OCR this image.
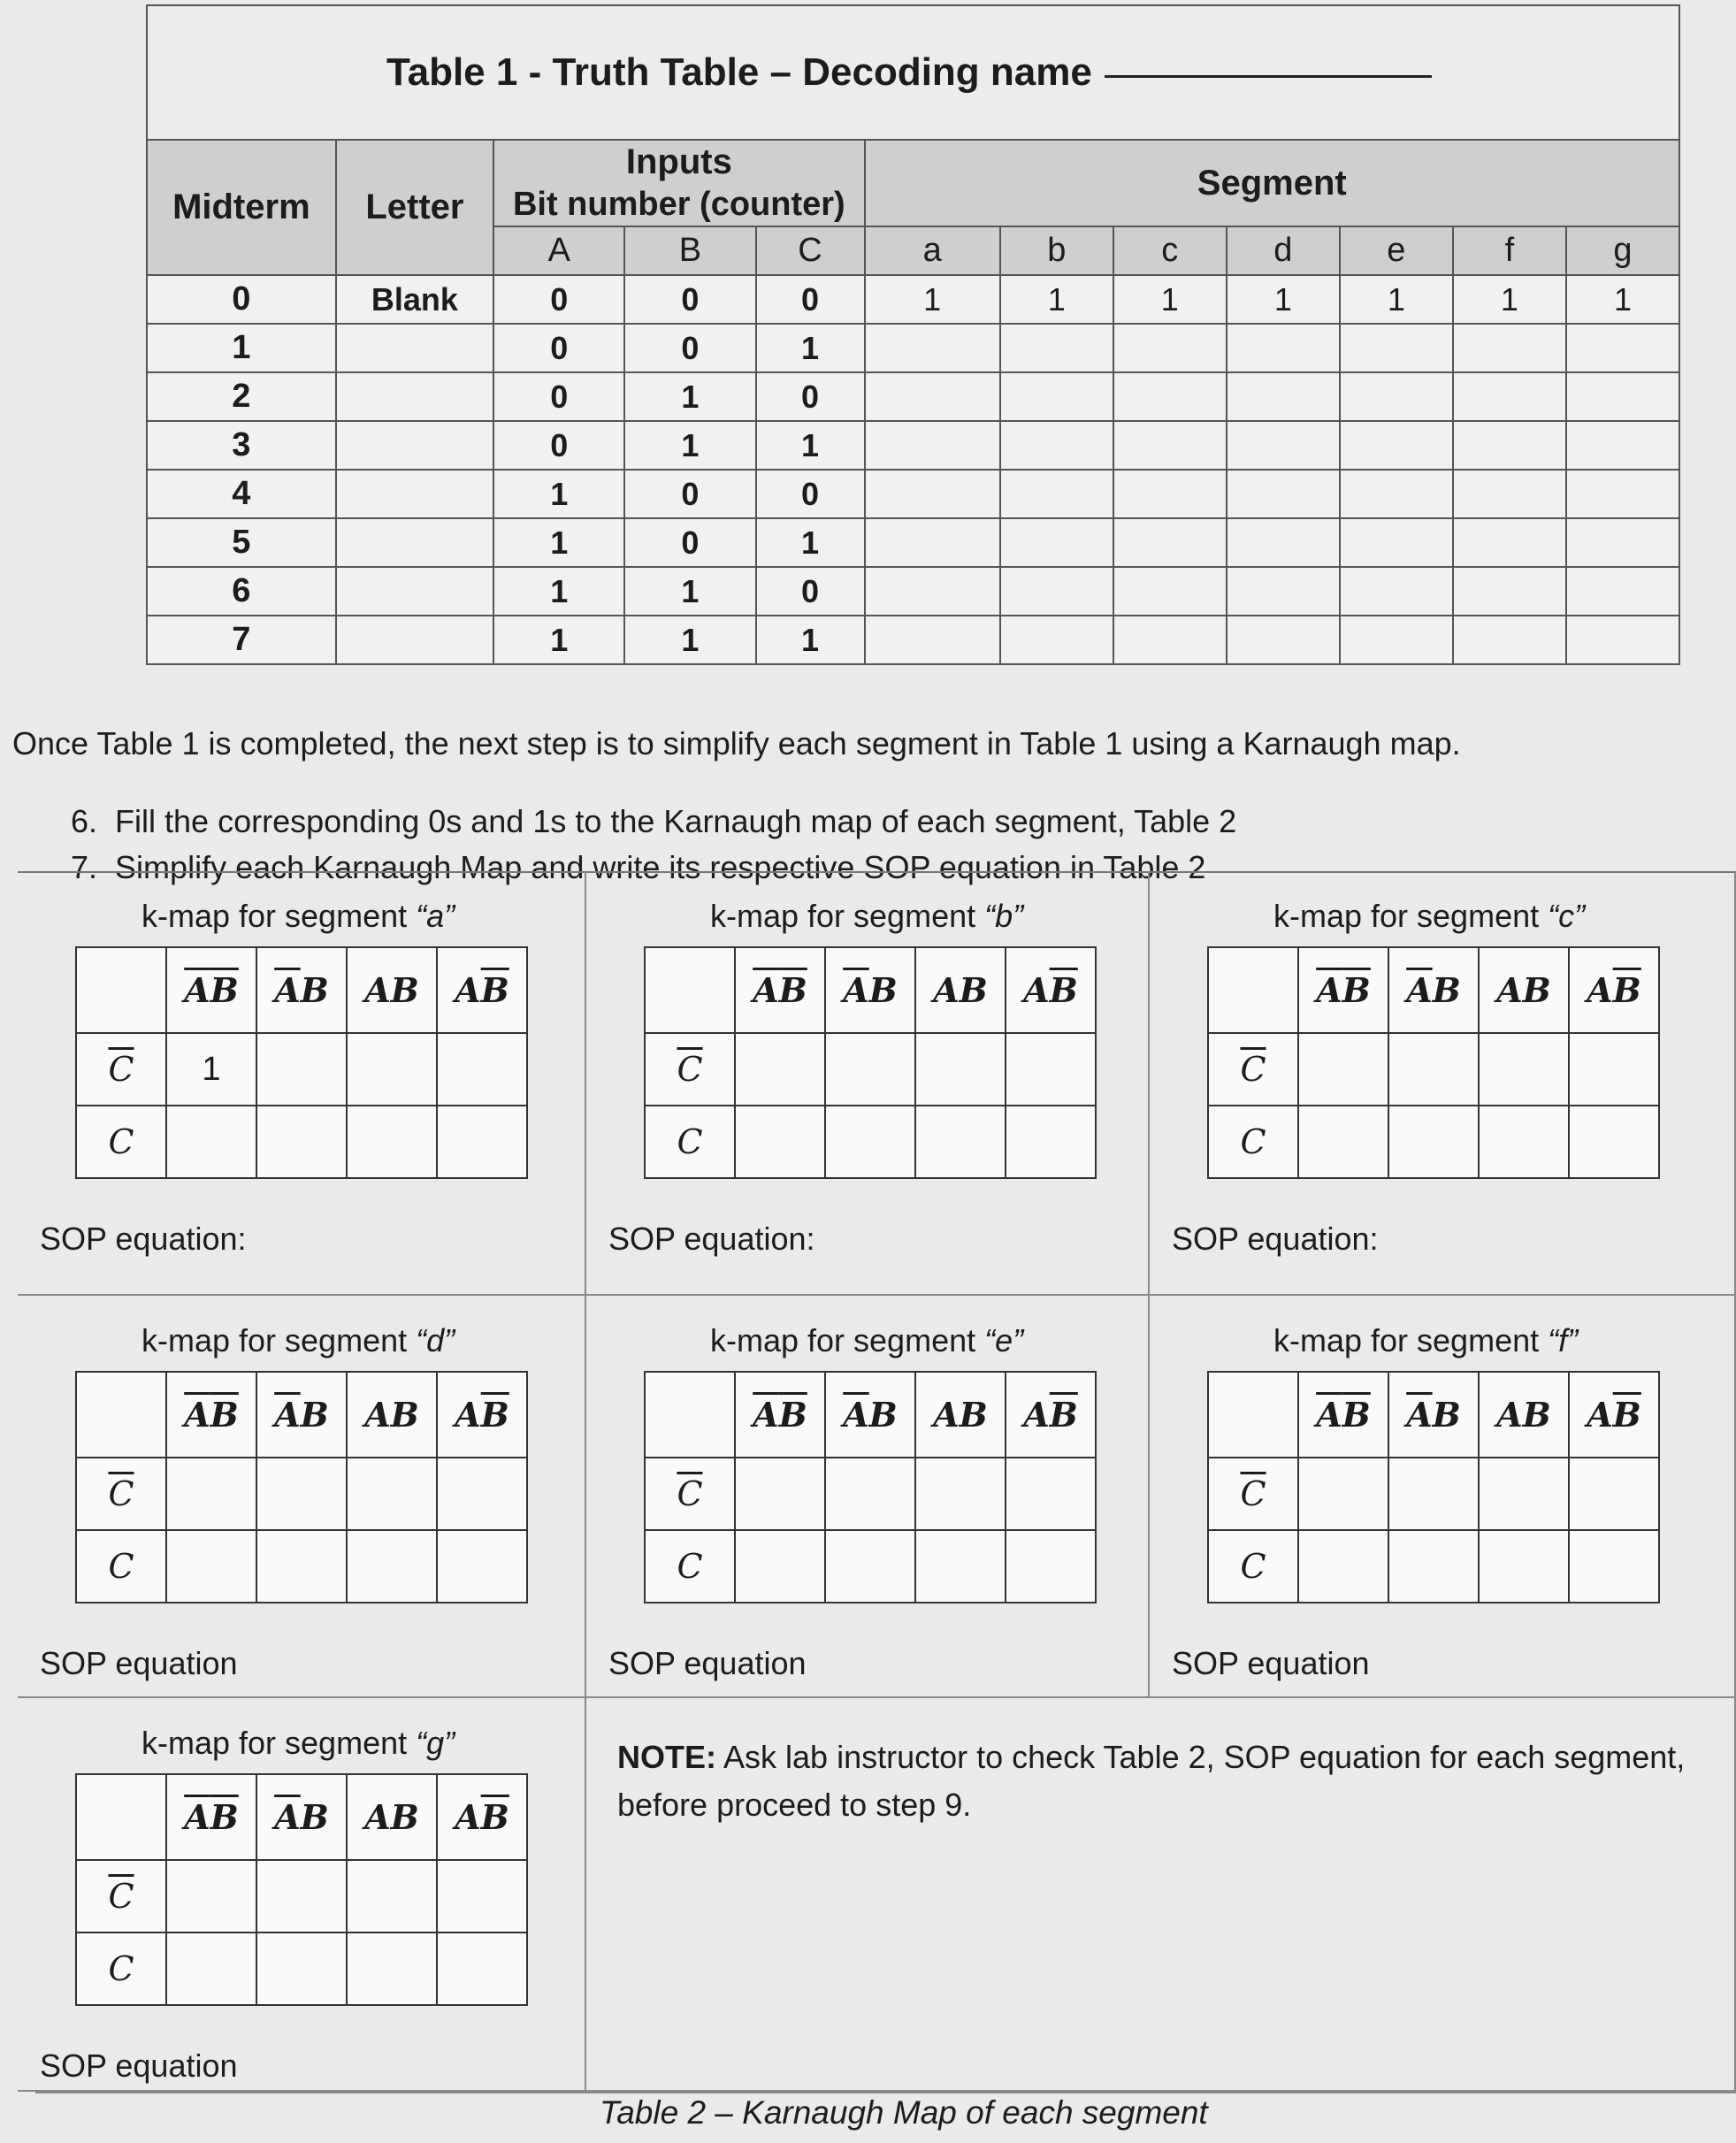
Table 1 - Truth Table – Decoding name											
Midterm	Letter	Inputs
Bit number (counter)			Segment						
		A	B	C	a	b	c	d	e	f	g
0	Blank	0	0	0	1	1	1	1	1	1	1
1		0	0	1							
2		0	1	0							
3		0	1	1							
4		1	0	0							
5		1	0	1							
6		1	1	0							
7		1	1	1							
Once Table 1 is completed, the next step is to simplify each segment in Table 1 using a Karnaugh map.
6. Fill the corresponding 0s and 1s to the Karnaugh map of each segment, Table 2
7. Simplify each Karnaugh Map and write its respective SOP equation in Table 2
k-map for segment “a”
	$\overline{A}\overline{B}$	$\overline{A}B$	AB	$A\overline{B}$
$\overline{C}$	1			
C				
SOP equation:
k-map for segment “b”
	$\overline{A}\overline{B}$	$\overline{A}B$	AB	$A\overline{B}$
$\overline{C}$				
C				
SOP equation:
k-map for segment “c”
	$\overline{A}\overline{B}$	$\overline{A}B$	AB	$A\overline{B}$
$\overline{C}$				
C				
SOP equation:
k-map for segment “d”
	$\overline{A}\overline{B}$	$\overline{A}B$	AB	$A\overline{B}$
$\overline{C}$				
C				
SOP equation
k-map for segment “e”
	$\overline{A}\overline{B}$	$\overline{A}B$	AB	$A\overline{B}$
$\overline{C}$				
C				
SOP equation
k-map for segment “f”
	$\overline{A}\overline{B}$	$\overline{A}B$	AB	$A\overline{B}$
$\overline{C}$				
C				
SOP equation
k-map for segment “g”
	$\overline{A}\overline{B}$	$\overline{A}B$	AB	$A\overline{B}$
$\overline{C}$				
C				
SOP equation
NOTE: Ask lab instructor to check Table 2, SOP equation for each segment, before proceed to step 9.
Table 2 – Karnaugh Map of each segment
